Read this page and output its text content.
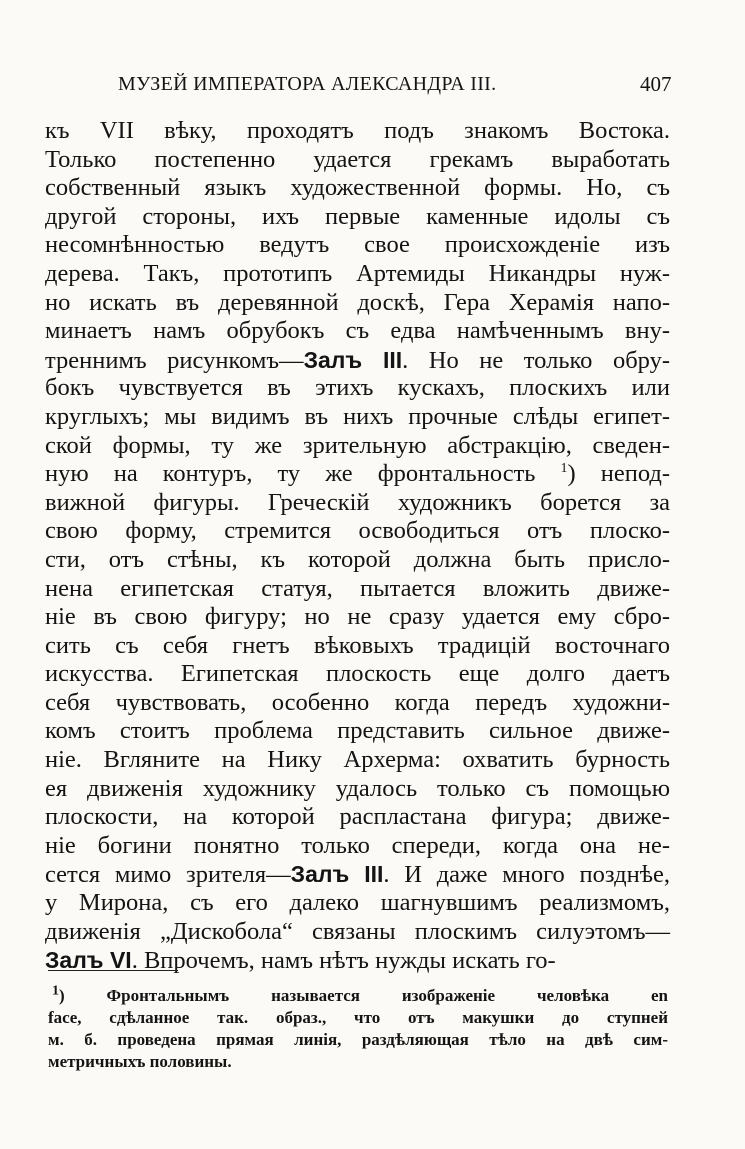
МУЗЕЙ ИМПЕРАТОРА АЛЕКСАНДРА III.	407
къ VII вѣку, проходятъ подъ знакомъ Востока.
Только постепенно удается грекамъ выработать
собственный языкъ художественной формы. Но, съ
другой стороны, ихъ первые каменные идолы съ
несомнѣнностью ведутъ свое происхожденіе изъ
дерева. Такъ, прототипъ Артемиды Никандры нуж-
но искать въ деревянной доскѣ, Гера Херамія напо-
минаетъ намъ обрубокъ съ едва намѣченнымъ вну-
треннимъ рисункомъ—Залъ III. Но не только обру-
бокъ чувствуется въ этихъ кускахъ, плоскихъ или
круглыхъ; мы видимъ въ нихъ прочные слѣды египет-
ской формы, ту же зрительную абстракцію, сведен-
ную на контуръ, ту же фронтальность $^1$) непод-
вижной фигуры. Греческій художникъ борется за
свою форму, стремится освободиться отъ плоско-
сти, отъ стѣны, къ которой должна быть прислo-
нена египетская статуя, пытается вложить движе-
ніе въ свою фигуру; но не сразу удается ему сбро-
сить съ себя гнетъ вѣковыхъ традицій восточнаго
искусства. Египетская плоскость еще долго даетъ
себя чувствовать, особенно когда передъ художни-
комъ стоитъ проблема представить сильное движе-
ніе. Вгляните на Нику Архерма: охватить бурность
ея движенія художнику удалось только съ помощью
плоскости, на которой распластана фигура; движе-
ніе богини понятно только спереди, когда она не-
сется мимо зрителя—Залъ III. И даже много позднѣе,
у Мирона, съ его далеко шагнувшимъ реализмомъ,
движенія „Дискобола“ связаны плоскимъ силуэтомъ—
Залъ VI. Впрочемъ, намъ нѣтъ нужды искать го-
$^1$) Фронтальнымъ называется изображеніе человѣка en
face, сдѣланное так. образ., что отъ макушки до ступней
м. б. проведена прямая линія, раздѣляющая тѣло на двѣ сим-
метричныхъ половины.
